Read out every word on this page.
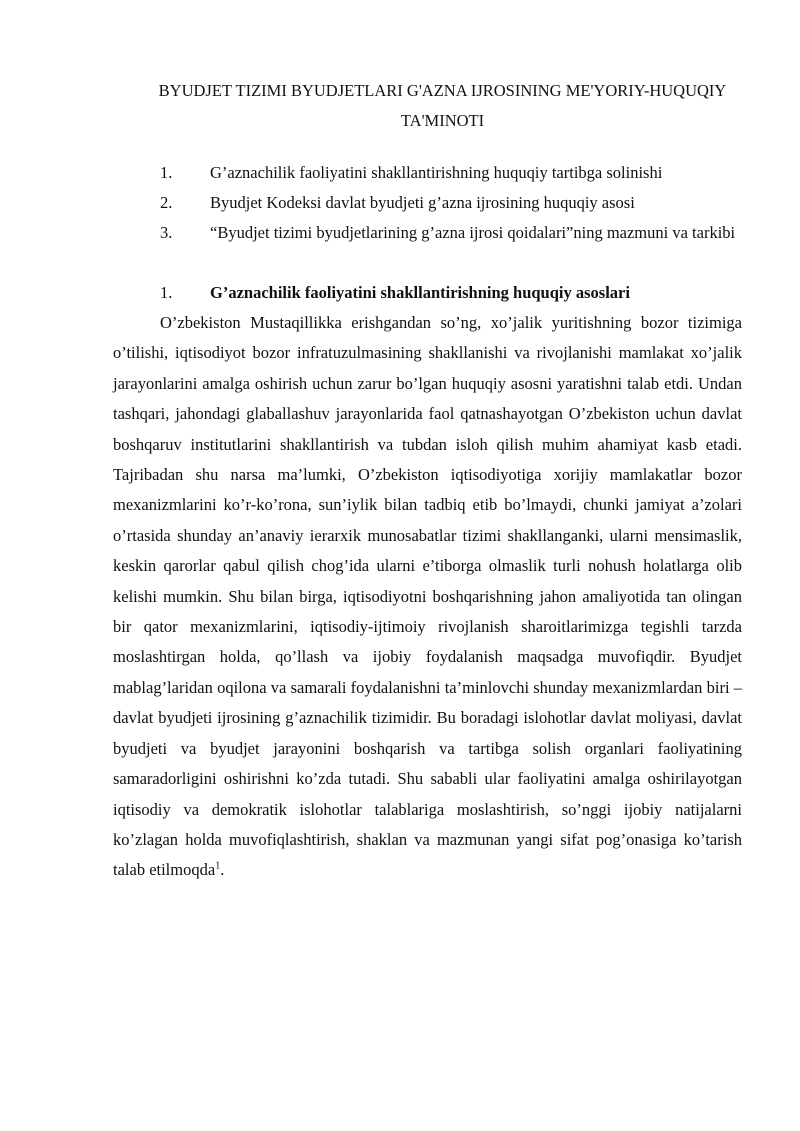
BYUDJET TIZIMI BYUDJETLARI G'AZNA IJROSINING ME'YORIY-HUQUQIY TA'MINOTI
1.	G’aznachilik faoliyatini shakllantirishning huquqiy tartibga solinishi
2.	Byudjet Kodeksi davlat byudjeti g’azna ijrosining huquqiy asosi
3. “Byudjet tizimi byudjetlarining g’azna ijrosi qoidalari”ning mazmuni va tarkibi
1.	G’aznachilik faoliyatini shakllantirishning huquqiy asoslari

O’zbekiston Mustaqillikka erishgandan so’ng, xo’jalik yuritishning bozor tizimiga o’tilishi, iqtisodiyot bozor infratuzulmasining shakllanishi va rivojlanishi mamlakat xo’jalik jarayonlarini amalga oshirish uchun zarur bo’lgan huquqiy asosni yaratishni talab etdi. Undan tashqari, jahondagi glaballashuv jarayonlarida faol qatnashayotgan O’zbekiston uchun davlat boshqaruv institutlarini shakllantirish va tubdan isloh qilish muhim ahamiyat kasb etadi. Tajribadan shu narsa ma’lumki, O’zbekiston iqtisodiyotiga xorijiy mamlakatlar bozor mexanizmlarini ko’r-ko’rona, sun’iylik bilan tadbiq etib bo’lmaydi, chunki jamiyat a’zolari o’rtasida shunday an’anaviy ierarxik munosabatlar tizimi shakllanganki, ularni mensimaslik, keskin qarorlar qabul qilish chog’ida ularni e’tiborga olmaslik turli nohush holatlarga olib kelishi mumkin. Shu bilan birga, iqtisodiyotni boshqarishning jahon amaliyotida tan olingan bir qator mexanizmlarini, iqtisodiy-ijtimoiy rivojlanish sharoitlarimizga tegishli tarzda moslashtirgan holda, qo’llash va ijobiy foydalanish maqsadga muvofiqdir. Byudjet mablag’laridan oqilona va samarali foydalanishni ta’minlovchi shunday mexanizmlardan biri – davlat byudjeti ijrosining g’aznachilik tizimidir. Bu boradagi islohotlar davlat moliyasi, davlat byudjeti va byudjet jarayonini boshqarish va tartibga solish organlari faoliyatining samaradorligini oshirishni ko’zda tutadi. Shu sababli ular faoliyatini amalga oshirilayotgan iqtisodiy va demokratik islohotlar talablariga moslashtirish, so’nggi ijobiy natijalarni ko’zlagan holda muvofiqlashtirish, shaklan va mazmunan yangi sifat pog’onasiga ko’tarish talab etilmoqda$^1$.
